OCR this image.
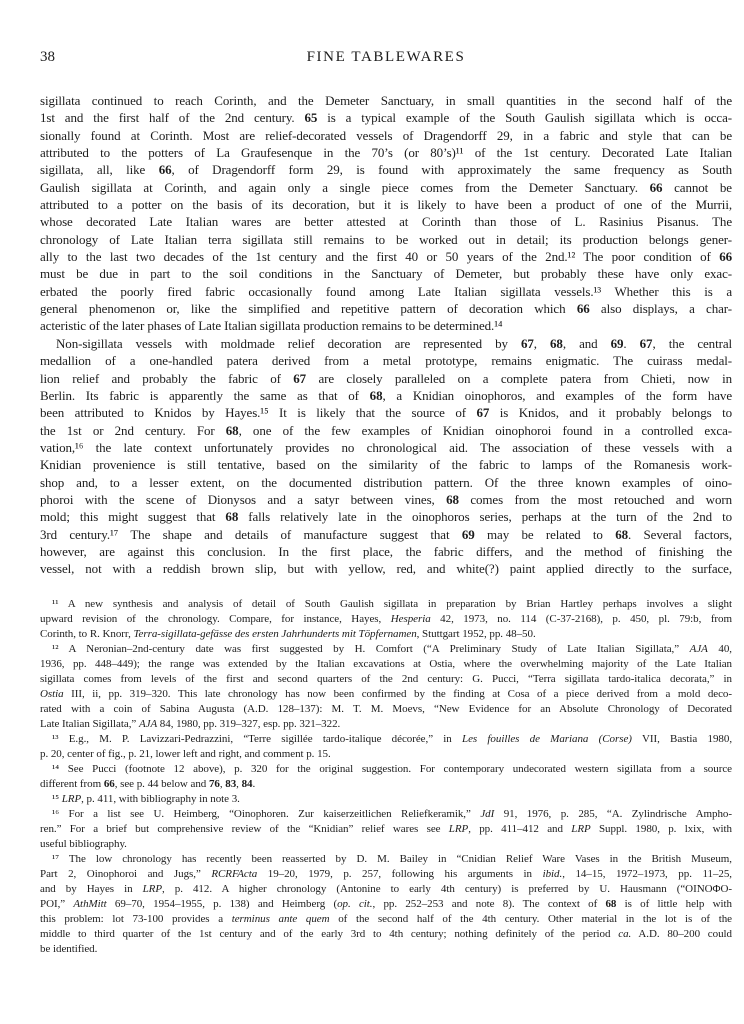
38	FINE TABLEWARES
sigillata continued to reach Corinth, and the Demeter Sanctuary, in small quantities in the second half of the
1st and the first half of the 2nd century. 65 is a typical example of the South Gaulish sigillata which is occa-
sionally found at Corinth. Most are relief-decorated vessels of Dragendorff 29, in a fabric and style that can be
attributed to the potters of La Graufesenque in the 70’s (or 80’s)¹¹ of the 1st century. Decorated Late Italian
sigillata, all, like 66, of Dragendorff form 29, is found with approximately the same frequency as South
Gaulish sigillata at Corinth, and again only a single piece comes from the Demeter Sanctuary. 66 cannot be
attributed to a potter on the basis of its decoration, but it is likely to have been a product of one of the Murrii,
whose decorated Late Italian wares are better attested at Corinth than those of L. Rasinius Pisanus. The
chronology of Late Italian terra sigillata still remains to be worked out in detail; its production belongs gener-
ally to the last two decades of the 1st century and the first 40 or 50 years of the 2nd.¹² The poor condition of 66
must be due in part to the soil conditions in the Sanctuary of Demeter, but probably these have only exac-
erbated the poorly fired fabric occasionally found among Late Italian sigillata vessels.¹³ Whether this is a
general phenomenon or, like the simplified and repetitive pattern of decoration which 66 also displays, a char-
acteristic of the later phases of Late Italian sigillata production remains to be determined.¹⁴
Non-sigillata vessels with moldmade relief decoration are represented by 67, 68, and 69. 67, the central
medallion of a one-handled patera derived from a metal prototype, remains enigmatic. The cuirass medal-
lion relief and probably the fabric of 67 are closely paralleled on a complete patera from Chieti, now in
Berlin. Its fabric is apparently the same as that of 68, a Knidian oinophoros, and examples of the form have
been attributed to Knidos by Hayes.¹⁵ It is likely that the source of 67 is Knidos, and it probably belongs to
the 1st or 2nd century. For 68, one of the few examples of Knidian oinophoroi found in a controlled exca-
vation,¹⁶ the late context unfortunately provides no chronological aid. The association of these vessels with a
Knidian provenience is still tentative, based on the similarity of the fabric to lamps of the Romanesis work-
shop and, to a lesser extent, on the documented distribution pattern. Of the three known examples of oino-
phoroi with the scene of Dionysos and a satyr between vines, 68 comes from the most retouched and worn
mold; this might suggest that 68 falls relatively late in the oinophoros series, perhaps at the turn of the 2nd to
3rd century.¹⁷ The shape and details of manufacture suggest that 69 may be related to 68. Several factors,
however, are against this conclusion. In the first place, the fabric differs, and the method of finishing the
vessel, not with a reddish brown slip, but with yellow, red, and white(?) paint applied directly to the surface,
¹¹ A new synthesis and analysis of detail of South Gaulish sigillata in preparation by Brian Hartley perhaps involves a slight
upward revision of the chronology. Compare, for instance, Hayes, Hesperia 42, 1973, no. 114 (C-37-2168), p. 450, pl. 79:b, from
Corinth, to R. Knorr, Terra-sigillata-gefässe des ersten Jahrhunderts mit Töpfernamen, Stuttgart 1952, pp. 48–50.
¹² A Neronian–2nd-century date was first suggested by H. Comfort (“A Preliminary Study of Late Italian Sigillata,” AJA 40,
1936, pp. 448–449); the range was extended by the Italian excavations at Ostia, where the overwhelming majority of the Late Italian
sigillata comes from levels of the first and second quarters of the 2nd century: G. Pucci, “Terra sigillata tardo-italica decorata,” in
Ostia III, ii, pp. 319–320. This late chronology has now been confirmed by the finding at Cosa of a piece derived from a mold deco-
rated with a coin of Sabina Augusta (A.D. 128–137): M. T. M. Moevs, “New Evidence for an Absolute Chronology of Decorated
Late Italian Sigillata,” AJA 84, 1980, pp. 319–327, esp. pp. 321–322.
¹³ E.g., M. P. Lavizzari-Pedrazzini, “Terre sigillée tardo-italique décorée,” in Les fouilles de Mariana (Corse) VII, Bastia 1980,
p. 20, center of fig., p. 21, lower left and right, and comment p. 15.
¹⁴ See Pucci (footnote 12 above), p. 320 for the original suggestion. For contemporary undecorated western sigillata from a source
different from 66, see p. 44 below and 76, 83, 84.
¹⁵ LRP, p. 411, with bibliography in note 3.
¹⁶ For a list see U. Heimberg, “Oinophoren. Zur kaiserzeitlichen Reliefkeramik,” JdI 91, 1976, p. 285, “A. Zylindrische Ampho-
ren.” For a brief but comprehensive review of the “Knidian” relief wares see LRP, pp. 411–412 and LRP Suppl. 1980, p. lxix, with
useful bibliography.
¹⁷ The low chronology has recently been reasserted by D. M. Bailey in “Cnidian Relief Ware Vases in the British Museum,
Part 2, Oinophoroi and Jugs,” RCRFActa 19–20, 1979, p. 257, following his arguments in ibid., 14–15, 1972–1973, pp. 11–25,
and by Hayes in LRP, p. 412. A higher chronology (Antonine to early 4th century) is preferred by U. Hausmann (“ΟΙΝΟΦΟ-
ΡΟΙ,” AthMitt 69–70, 1954–1955, p. 138) and Heimberg (op. cit., pp. 252–253 and note 8). The context of 68 is of little help with
this problem: lot 73-100 provides a terminus ante quem of the second half of the 4th century. Other material in the lot is of the
middle to third quarter of the 1st century and of the early 3rd to 4th century; nothing definitely of the period ca. A.D. 80–200 could
be identified.
